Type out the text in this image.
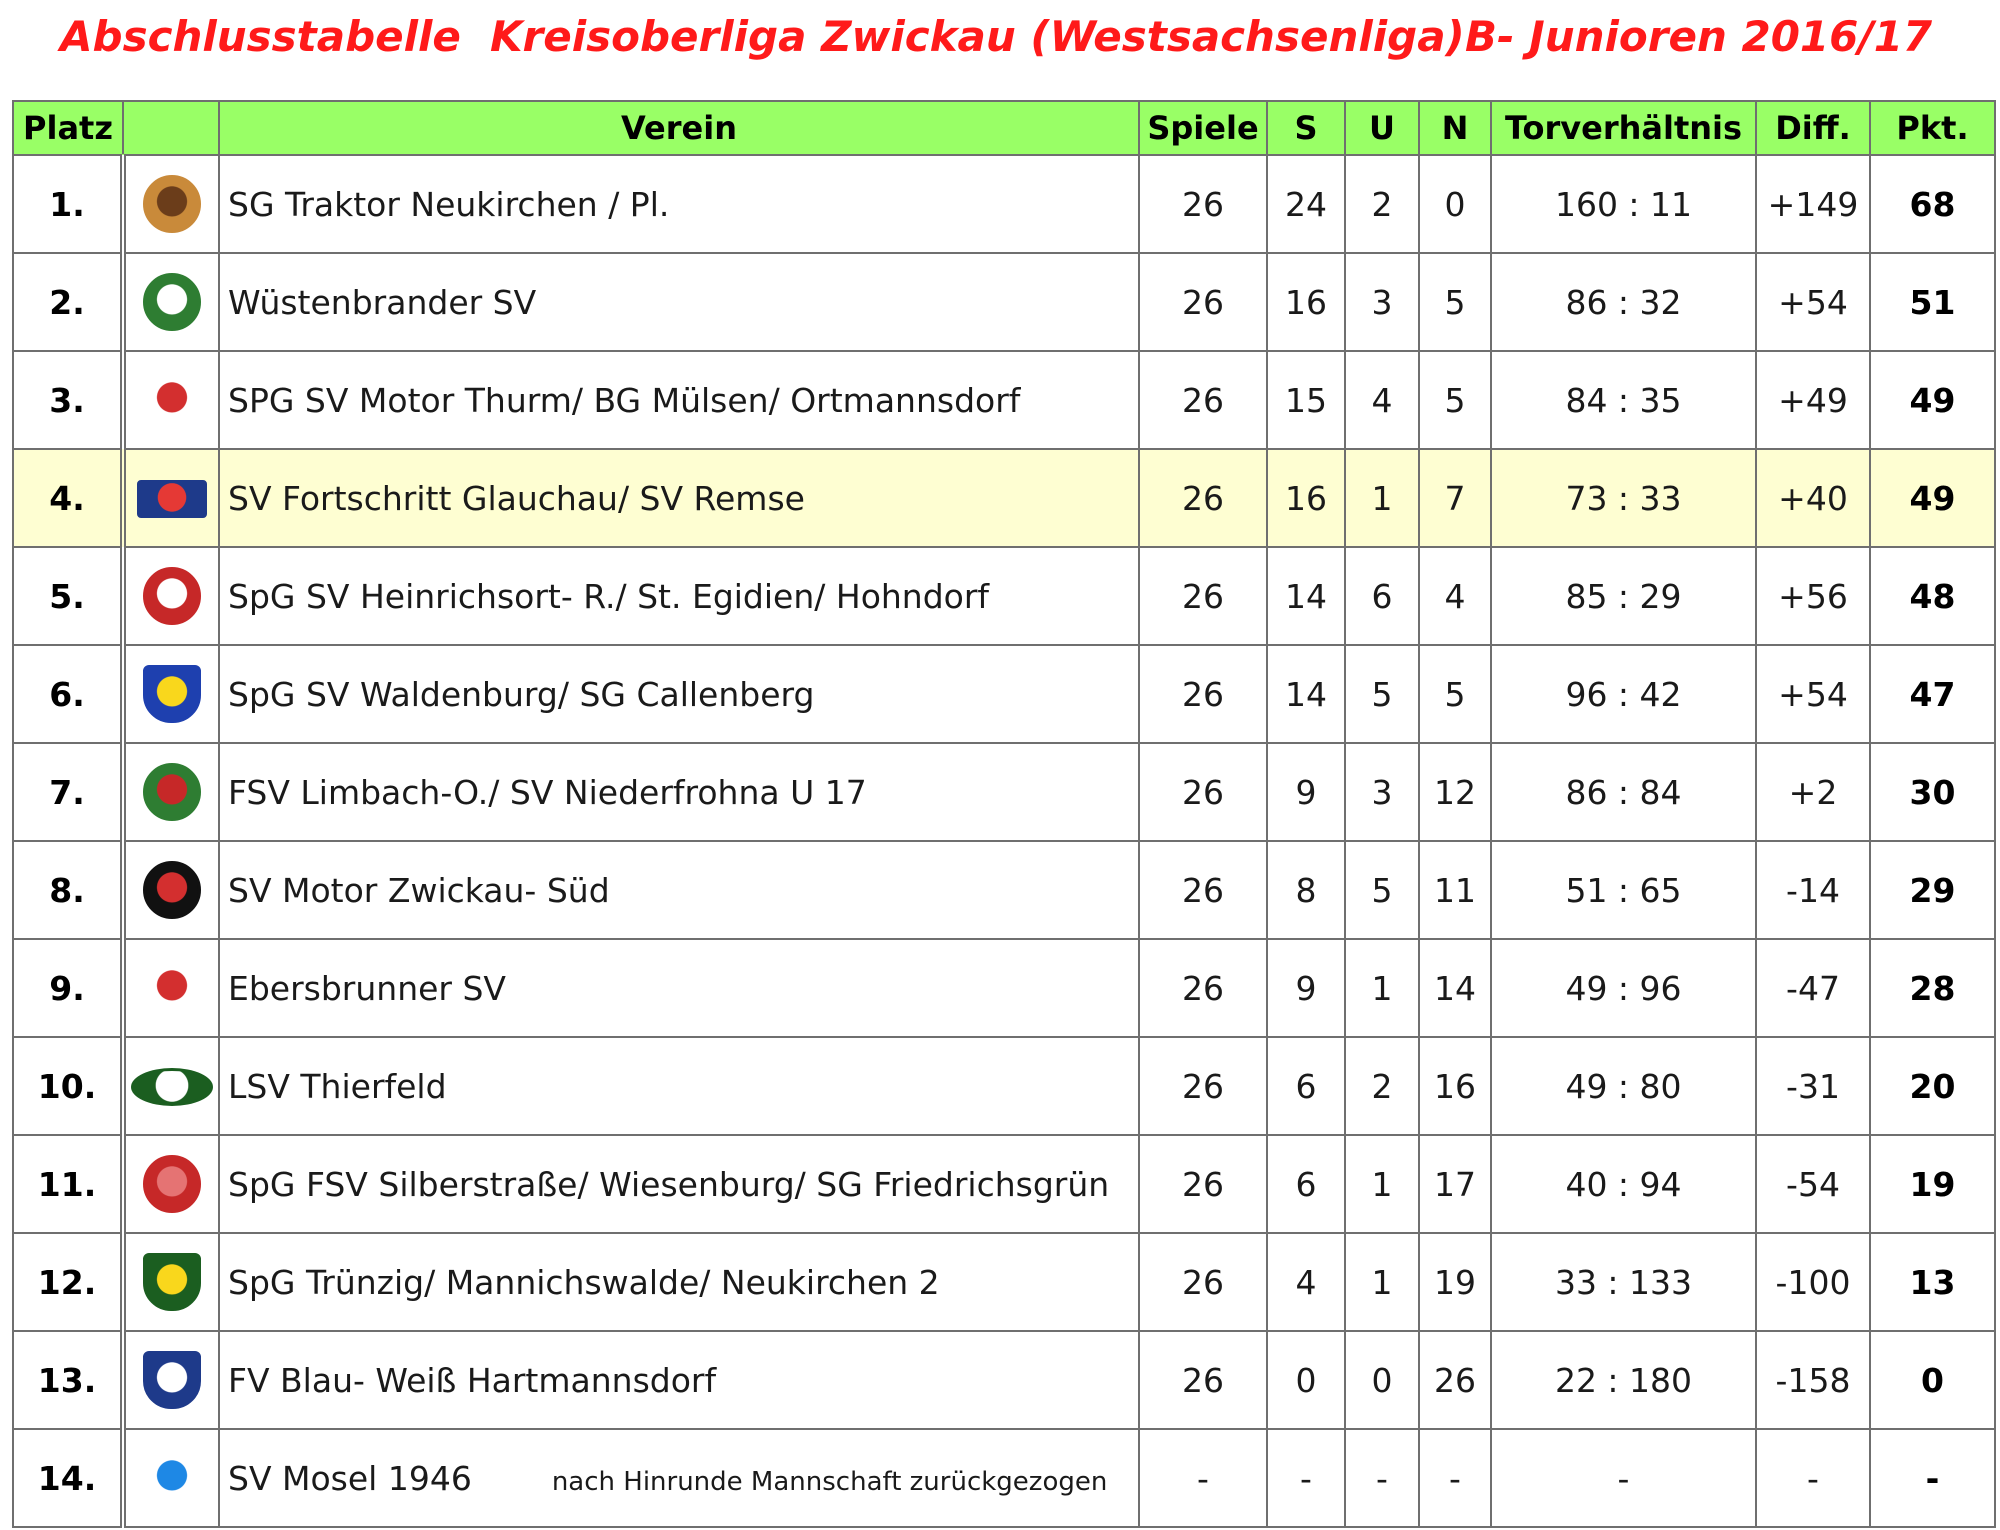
Abschlusstabelle Kreisoberliga Zwickau (Westsachsenliga) B- Junioren 2016/17
Platz		Verein	Spiele	S	U	N	Torverhältnis	Diff.	Pkt.
1.		SG Traktor Neukirchen / Pl.	26	24	2	0	160 : 11	+149	68
2.		Wüstenbrander SV	26	16	3	5	86 : 32	+54	51
3.		SPG SV Motor Thurm/ BG Mülsen/ Ortmannsdorf	26	15	4	5	84 : 35	+49	49
4.		SV Fortschritt Glauchau/ SV Remse	26	16	1	7	73 : 33	+40	49
5.		SpG SV Heinrichsort- R./ St. Egidien/ Hohndorf	26	14	6	4	85 : 29	+56	48
6.		SpG SV Waldenburg/ SG Callenberg	26	14	5	5	96 : 42	+54	47
7.		FSV Limbach-O./ SV Niederfrohna U 17	26	9	3	12	86 : 84	+2	30
8.		SV Motor Zwickau- Süd	26	8	5	11	51 : 65	-14	29
9.		Ebersbrunner SV	26	9	1	14	49 : 96	-47	28
10.		LSV Thierfeld	26	6	2	16	49 : 80	-31	20
11.		SpG FSV Silberstraße/ Wiesenburg/ SG Friedrichsgrün	26	6	1	17	40 : 94	-54	19
12.		SpG Trünzig/ Mannichswalde/ Neukirchen 2	26	4	1	19	33 : 133	-100	13
13.		FV Blau- Weiß Hartmannsdorf	26	0	0	26	22 : 180	-158	0
14.		SV Mosel 1946 nach Hinrunde Mannschaft zurückgezogen	-	-	-	-	-	-	-
